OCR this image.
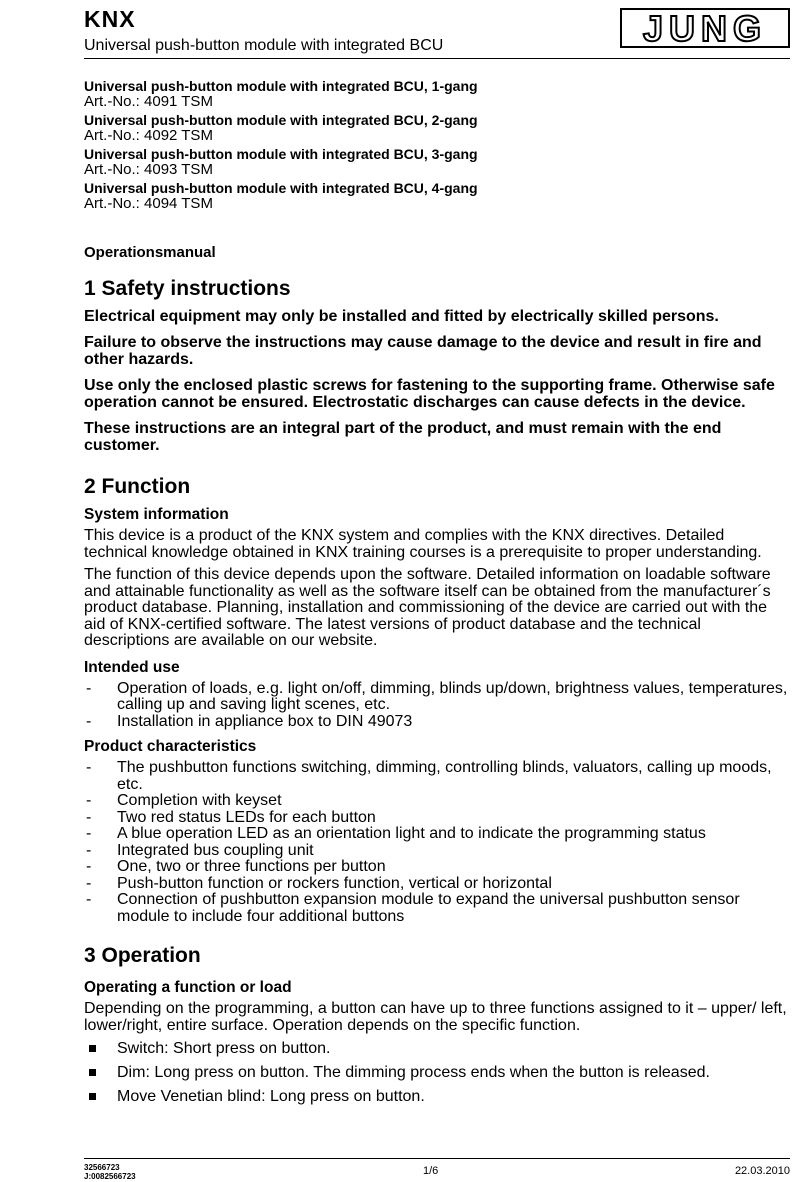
KNX
Universal push-button module with integrated BCU	JUNG
Universal push-button module with integrated BCU, 1-gang
Art.-No.: 4091 TSM
Universal push-button module with integrated BCU, 2-gang
Art.-No.: 4092 TSM
Universal push-button module with integrated BCU, 3-gang
Art.-No.: 4093 TSM
Universal push-button module with integrated BCU, 4-gang
Art.-No.: 4094 TSM
Operationsmanual
1 Safety instructions

Electrical equipment may only be installed and fitted by electrically skilled persons.

Failure to observe the instructions may cause damage to the device and result in fire and other hazards.

Use only the enclosed plastic screws for fastening to the supporting frame. Otherwise safe operation cannot be ensured. Electrostatic discharges can cause defects in the device.

These instructions are an integral part of the product, and must remain with the end customer.

2 Function
System information

This device is a product of the KNX system and complies with the KNX directives. Detailed technical knowledge obtained in KNX training courses is a prerequisite to proper understanding.

The function of this device depends upon the software. Detailed information on loadable software and attainable functionality as well as the software itself can be obtained from the manufacturer´s product database. Planning, installation and commissioning of the device are carried out with the aid of KNX-certified software. The latest versions of product database and the technical descriptions are available on our website.

Intended use
- Operation of loads, e.g. light on/off, dimming, blinds up/down, brightness values, temperatures, calling up and saving light scenes, etc.
- Installation in appliance box to DIN 49073
Product characteristics
- The pushbutton functions switching, dimming, controlling blinds, valuators, calling up moods, etc.
- Completion with keyset
- Two red status LEDs for each button
- A blue operation LED as an orientation light and to indicate the programming status
- Integrated bus coupling unit
- One, two or three functions per button
- Push-button function or rockers function, vertical or horizontal
- Connection of pushbutton expansion module to expand the universal pushbutton sensor module to include four additional buttons
3 Operation
Operating a function or load

Depending on the programming, a button can have up to three functions assigned to it – upper/ left, lower/right, entire surface. Operation depends on the specific function.

Switch: Short press on button.
Dim: Long press on button. The dimming process ends when the button is released.
Move Venetian blind: Long press on button.
32566723
J:0082566723	1/6	22.03.2010
